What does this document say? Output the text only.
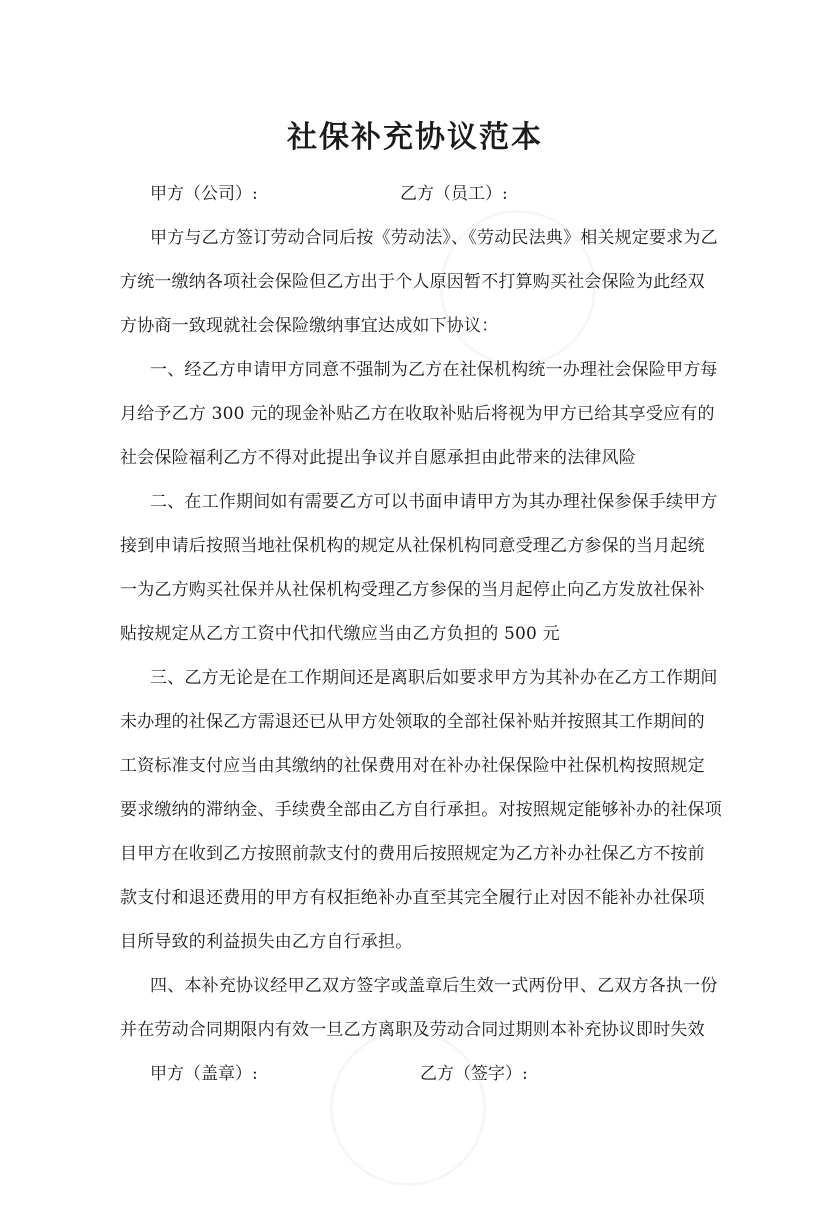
社保补充协议范本
甲方（公司）:	乙方（员工）:
甲方与乙方签订劳动合同后按《劳动法》、《劳动民法典》相关规定要求为乙
方统一缴纳各项社会保险但乙方出于个人原因暂不打算购买社会保险为此经双
方协商一致现就社会保险缴纳事宜达成如下协议：
一、经乙方申请甲方同意不强制为乙方在社保机构统一办理社会保险甲方每
月给予乙方 300 元的现金补贴乙方在收取补贴后将视为甲方已给其享受应有的
社会保险福利乙方不得对此提出争议并自愿承担由此带来的法律风险
二、在工作期间如有需要乙方可以书面申请甲方为其办理社保参保手续甲方
接到申请后按照当地社保机构的规定从社保机构同意受理乙方参保的当月起统
一为乙方购买社保并从社保机构受理乙方参保的当月起停止向乙方发放社保补
贴按规定从乙方工资中代扣代缴应当由乙方负担的 500 元
三、乙方无论是在工作期间还是离职后如要求甲方为其补办在乙方工作期间
未办理的社保乙方需退还已从甲方处领取的全部社保补贴并按照其工作期间的
工资标准支付应当由其缴纳的社保费用对在补办社保保险中社保机构按照规定
要求缴纳的滞纳金、手续费全部由乙方自行承担。对按照规定能够补办的社保项
目甲方在收到乙方按照前款支付的费用后按照规定为乙方补办社保乙方不按前
款支付和退还费用的甲方有权拒绝补办直至其完全履行止对因不能补办社保项
目所导致的利益损失由乙方自行承担。
四、本补充协议经甲乙双方签字或盖章后生效一式两份甲、乙双方各执一份
并在劳动合同期限内有效一旦乙方离职及劳动合同过期则本补充协议即时失效
甲方（盖章）:	乙方（签字）:
